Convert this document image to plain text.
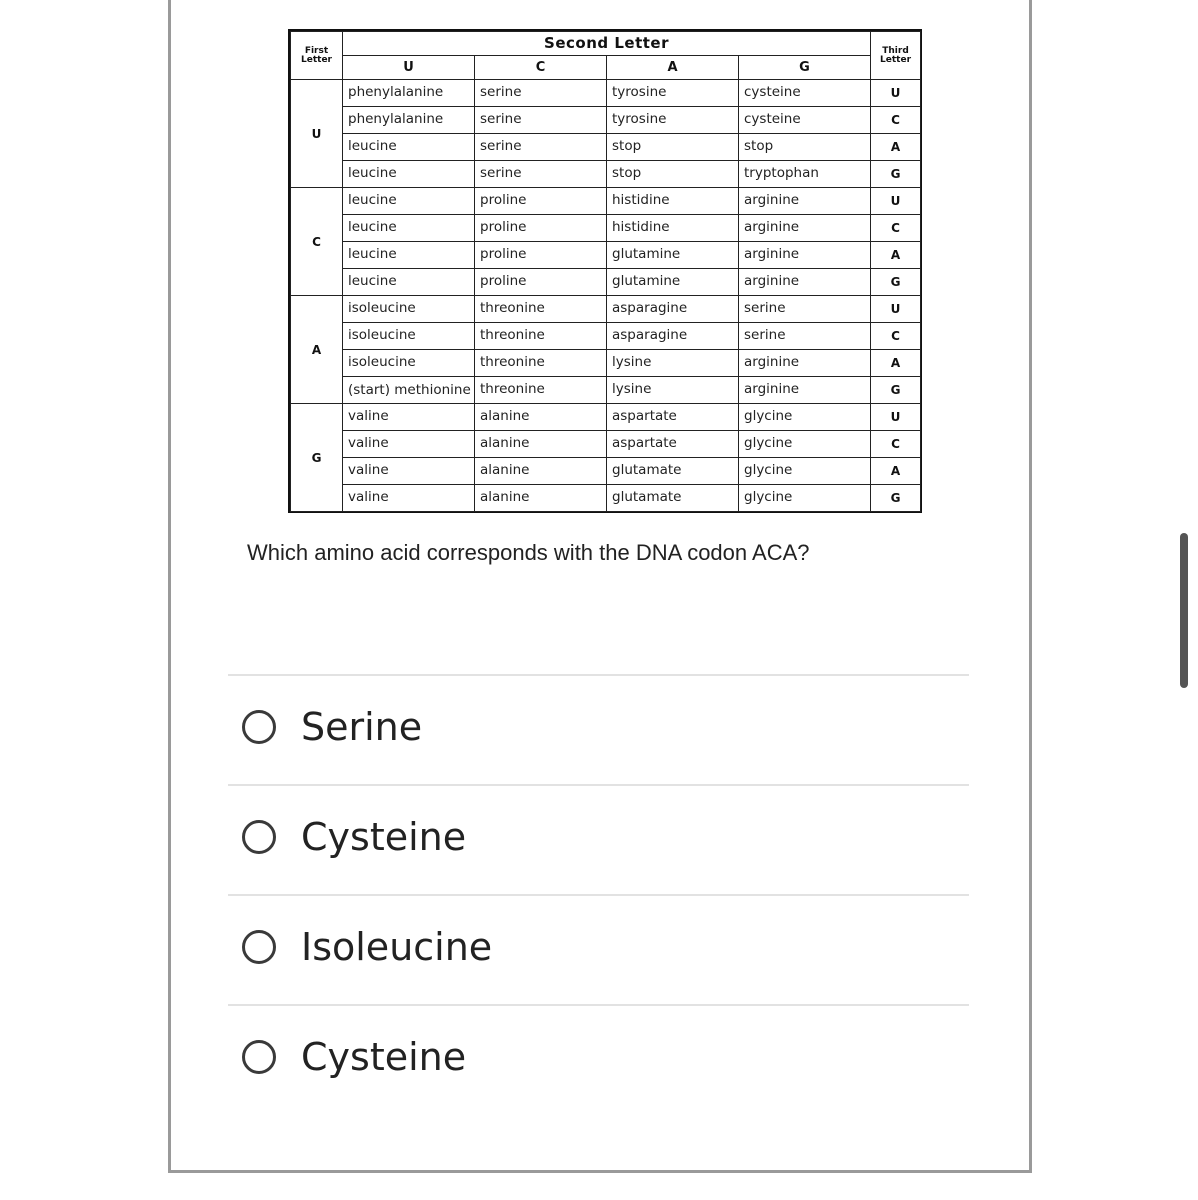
First Letter	Second Letter				Third Letter
	U	C	A	G	
U	phenylalanine	serine	tyrosine	cysteine	U
	phenylalanine	serine	tyrosine	cysteine	C
	leucine	serine	stop	stop	A
	leucine	serine	stop	tryptophan	G
C	leucine	proline	histidine	arginine	U
	leucine	proline	histidine	arginine	C
	leucine	proline	glutamine	arginine	A
	leucine	proline	glutamine	arginine	G
A	isoleucine	threonine	asparagine	serine	U
	isoleucine	threonine	asparagine	serine	C
	isoleucine	threonine	lysine	arginine	A
	(start) methionine	threonine	lysine	arginine	G
G	valine	alanine	aspartate	glycine	U
	valine	alanine	aspartate	glycine	C
	valine	alanine	glutamate	glycine	A
	valine	alanine	glutamate	glycine	G
Which amino acid corresponds with the DNA codon ACA?
Serine
Cysteine
Isoleucine
Cysteine
